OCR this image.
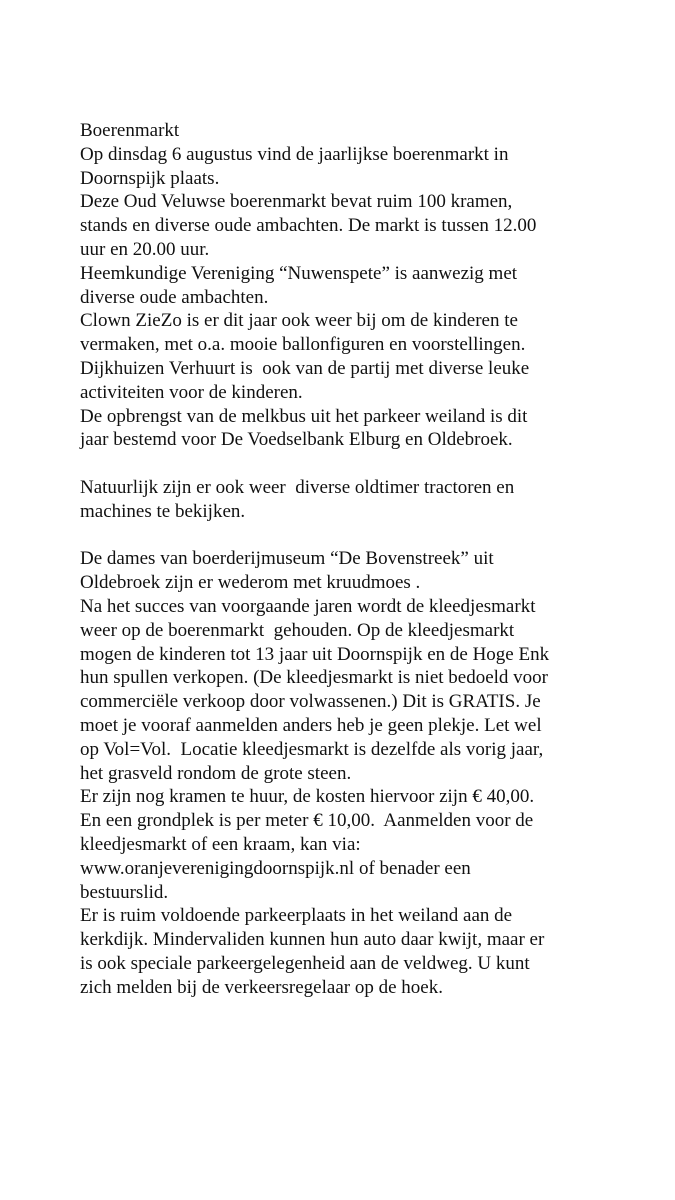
Boerenmarkt
Op dinsdag 6 augustus vind de jaarlijkse boerenmarkt in
Doornspijk plaats.
Deze Oud Veluwse boerenmarkt bevat ruim 100 kramen,
stands en diverse oude ambachten. De markt is tussen 12.00
uur en 20.00 uur.
Heemkundige Vereniging “Nuwenspete” is aanwezig met
diverse oude ambachten.
Clown ZieZo is er dit jaar ook weer bij om de kinderen te
vermaken, met o.a. mooie ballonfiguren en voorstellingen.
Dijkhuizen Verhuurt is  ook van de partij met diverse leuke
activiteiten voor de kinderen.
De opbrengst van de melkbus uit het parkeer weiland is dit
jaar bestemd voor De Voedselbank Elburg en Oldebroek.
Natuurlijk zijn er ook weer  diverse oldtimer tractoren en
machines te bekijken.
De dames van boerderijmuseum “De Bovenstreek” uit
Oldebroek zijn er wederom met kruudmoes .
Na het succes van voorgaande jaren wordt de kleedjesmarkt
weer op de boerenmarkt  gehouden. Op de kleedjesmarkt
mogen de kinderen tot 13 jaar uit Doornspijk en de Hoge Enk
hun spullen verkopen. (De kleedjesmarkt is niet bedoeld voor
commerciële verkoop door volwassenen.) Dit is GRATIS. Je
moet je vooraf aanmelden anders heb je geen plekje. Let wel
op Vol=Vol.  Locatie kleedjesmarkt is dezelfde als vorig jaar,
het grasveld rondom de grote steen.
Er zijn nog kramen te huur, de kosten hiervoor zijn € 40,00.
En een grondplek is per meter € 10,00.  Aanmelden voor de
kleedjesmarkt of een kraam, kan via:
www.oranjeverenigingdoornspijk.nl of benader een
bestuurslid.
Er is ruim voldoende parkeerplaats in het weiland aan de
kerkdijk. Mindervaliden kunnen hun auto daar kwijt, maar er
is ook speciale parkeergelegenheid aan de veldweg. U kunt
zich melden bij de verkeersregelaar op de hoek.
